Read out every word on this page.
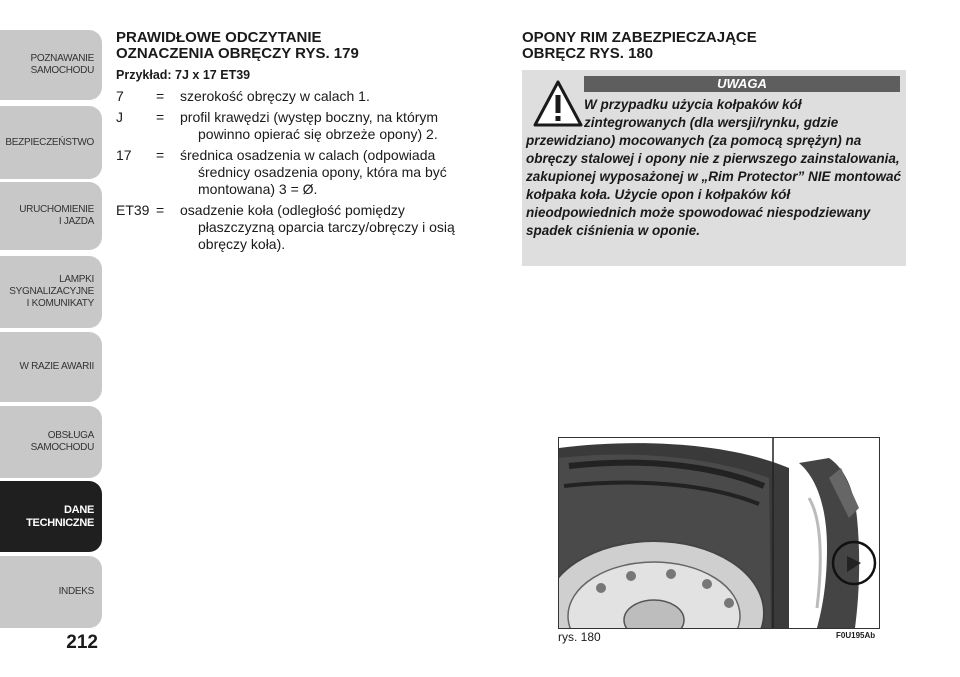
POZNAWANIE
SAMOCHODU
BEZPIECZEŃSTWO
URUCHOMIENIE
I JAZDA
LAMPKI
SYGNALIZACYJNE
I KOMUNIKATY
W RAZIE AWARII
OBSŁUGA
SAMOCHODU
DANE
TECHNICZNE
INDEKS
212
PRAWIDŁOWE ODCZYTANIE
OZNACZENIA OBRĘCZY RYS. 179
Przykład: 7J x 17 ET39
7	=	szerokość obręczy w calach 1.
J	=	profil krawędzi (występ boczny, na którym
powinno opierać się obrzeże opony) 2.
17	=	średnica osadzenia w calach (odpowiada
średnicy osadzenia opony, która ma być
montowana) 3 = Ø.
ET39 =	osadzenie koła (odległość pomiędzy
płaszczyzną oparcia tarczy/obręczy i osią
obręczy koła).
OPONY RIM ZABEZPIECZAJĄCE
OBRĘCZ RYS. 180
UWAGA
W przypadku użycia kołpaków kół
zintegrowanych (dla wersji/rynku, gdzie
przewidziano) mocowanych (za pomocą sprężyn) na obręczy stalowej i opony nie z pierwszego zainstalowania, zakupionej wyposażonej w „Rim Protector” NIE montować kołpaka koła. Użycie opon i kołpaków kół nieodpowiednich może spowodować niespodziewany spadek ciśnienia w oponie.
rys. 180	F0U195Ab
